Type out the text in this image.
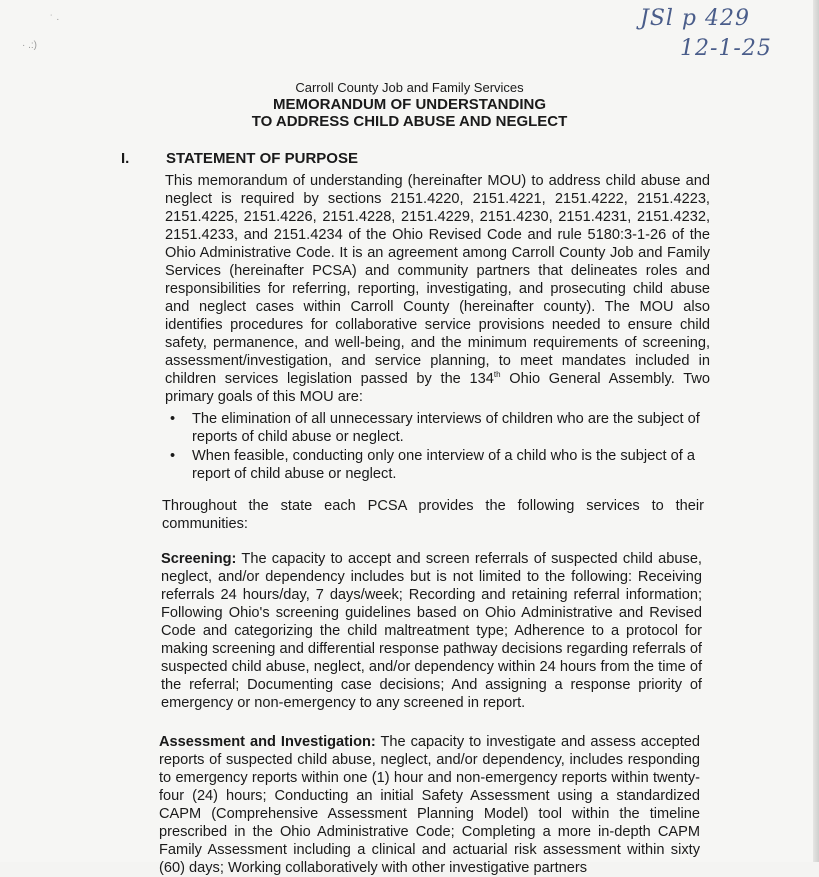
˙ ·
· .:)
JSl p 429
12-1-25
Carroll County Job and Family Services
MEMORANDUM OF UNDERSTANDING
TO ADDRESS CHILD ABUSE AND NEGLECT
I. STATEMENT OF PURPOSE

This memorandum of understanding (hereinafter MOU) to address child abuse and neglect is required by sections 2151.4220, 2151.4221, 2151.4222, 2151.4223, 2151.4225, 2151.4226, 2151.4228, 2151.4229, 2151.4230, 2151.4231, 2151.4232, 2151.4233, and 2151.4234 of the Ohio Revised Code and rule 5180:3-1-26 of the Ohio Administrative Code. It is an agreement among Carroll County Job and Family Services (hereinafter PCSA) and community partners that delineates roles and responsibilities for referring, reporting, investigating, and prosecuting child abuse and neglect cases within Carroll County (hereinafter county). The MOU also identifies procedures for collaborative service provisions needed to ensure child safety, permanence, and well-being, and the minimum requirements of screening, assessment/investigation, and service planning, to meet mandates included in children services legislation passed by the 134th Ohio General Assembly. Two primary goals of this MOU are:

• The elimination of all unnecessary interviews of children who are the subject of reports of child abuse or neglect.
• When feasible, conducting only one interview of a child who is the subject of a report of child abuse or neglect.

Throughout the state each PCSA provides the following services to their communities:

Screening: The capacity to accept and screen referrals of suspected child abuse, neglect, and/or dependency includes but is not limited to the following: Receiving referrals 24 hours/day, 7 days/week; Recording and retaining referral information; Following Ohio's screening guidelines based on Ohio Administrative and Revised Code and categorizing the child maltreatment type; Adherence to a protocol for making screening and differential response pathway decisions regarding referrals of suspected child abuse, neglect, and/or dependency within 24 hours from the time of the referral; Documenting case decisions; And assigning a response priority of emergency or non-emergency to any screened in report.

Assessment and Investigation: The capacity to investigate and assess accepted reports of suspected child abuse, neglect, and/or dependency, includes responding to emergency reports within one (1) hour and non-emergency reports within twenty-four (24) hours; Conducting an initial Safety Assessment using a standardized CAPM (Comprehensive Assessment Planning Model) tool within the timeline prescribed in the Ohio Administrative Code; Completing a more in-depth CAPM Family Assessment including a clinical and actuarial risk assessment within sixty (60) days; Working collaboratively with other investigative partners
